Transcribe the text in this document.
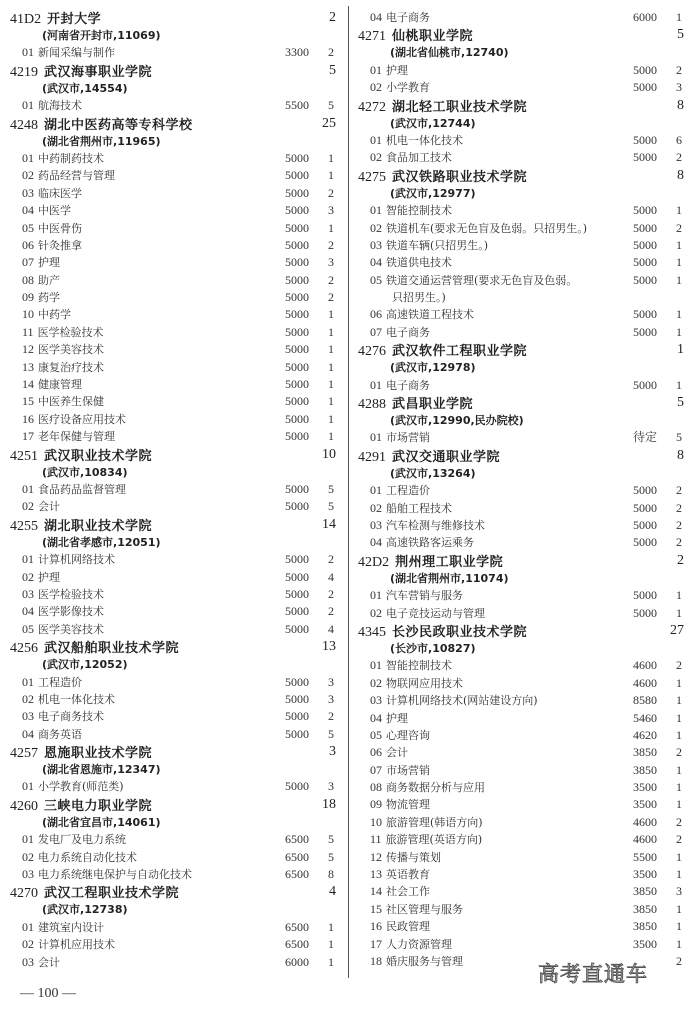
41D2 开封大学	2
(河南省开封市,11069)
01 新闻采编与制作	3300 2
4219 武汉海事职业学院	5
(武汉市,14554)
01 航海技术	5500 5
4248 湖北中医药高等专科学校	25
(湖北省荆州市,11965)
01 中药制药技术	5000 1
02 药品经营与管理	5000 1
03 临床医学	5000 2
04 中医学	5000 3
05 中医骨伤	5000 1
06 针灸推拿	5000 2
07 护理	5000 3
08 助产	5000 2
09 药学	5000 2
10 中药学	5000 1
11 医学检验技术	5000 1
12 医学美容技术	5000 1
13 康复治疗技术	5000 1
14 健康管理	5000 1
15 中医养生保健	5000 1
16 医疗设备应用技术	5000 1
17 老年保健与管理	5000 1
4251 武汉职业技术学院	10
(武汉市,10834)
01 食品药品监督管理	5000 5
02 会计	5000 5
4255 湖北职业技术学院	14
(湖北省孝感市,12051)
01 计算机网络技术	5000 2
02 护理	5000 4
03 医学检验技术	5000 2
04 医学影像技术	5000 2
05 医学美容技术	5000 4
4256 武汉船舶职业技术学院	13
(武汉市,12052)
01 工程造价	5000 3
02 机电一体化技术	5000 3
03 电子商务技术	5000 2
04 商务英语	5000 5
4257 恩施职业技术学院	3
(湖北省恩施市,12347)
01 小学教育(师范类)	5000 3
4260 三峡电力职业学院	18
(湖北省宜昌市,14061)
01 发电厂及电力系统	6500 5
02 电力系统自动化技术	6500 5
03 电力系统继电保护与自动化技术	6500 8
4270 武汉工程职业技术学院	4
(武汉市,12738)
01 建筑室内设计	6500 1
02 计算机应用技术	6500 1
03 会计	6000 1
04 电子商务	6000 1
4271 仙桃职业学院	5
(湖北省仙桃市,12740)
01 护理	5000 2
02 小学教育	5000 3
4272 湖北轻工职业技术学院	8
(武汉市,12744)
01 机电一体化技术	5000 6
02 食品加工技术	5000 2
4275 武汉铁路职业技术学院	8
(武汉市,12977)
01 智能控制技术	5000 1
02 铁道机车(要求无色盲及色弱。只招男生。)	5000 2
03 铁道车辆(只招男生。)	5000 1
04 铁道供电技术	5000 1
05 铁道交通运营管理(要求无色盲及色弱。	5000 1
只招男生。)
06 高速铁道工程技术	5000 1
07 电子商务	5000 1
4276 武汉软件工程职业学院	1
(武汉市,12978)
01 电子商务	5000 1
4288 武昌职业学院	5
(武汉市,12990,民办院校)
01 市场营销	待定 5
4291 武汉交通职业学院	8
(武汉市,13264)
01 工程造价	5000 2
02 船舶工程技术	5000 2
03 汽车检测与维修技术	5000 2
04 高速铁路客运乘务	5000 2
42D2 荆州理工职业学院	2
(湖北省荆州市,11074)
01 汽车营销与服务	5000 1
02 电子竞技运动与管理	5000 1
4345 长沙民政职业技术学院	27
(长沙市,10827)
01 智能控制技术	4600 2
02 物联网应用技术	4600 1
03 计算机网络技术(网站建设方向)	8580 1
04 护理	5460 1
05 心理咨询	4620 1
06 会计	3850 2
07 市场营销	3850 1
08 商务数据分析与应用	3500 1
09 物流管理	3500 1
10 旅游管理(韩语方向)	4600 2
11 旅游管理(英语方向)	4600 2
12 传播与策划	5500 1
13 英语教育	3500 1
14 社会工作	3850 3
15 社区管理与服务	3850 1
16 民政管理	3850 1
17 人力资源管理	3500 1
18 婚庆服务与管理	2
— 100 —
高考直通车
